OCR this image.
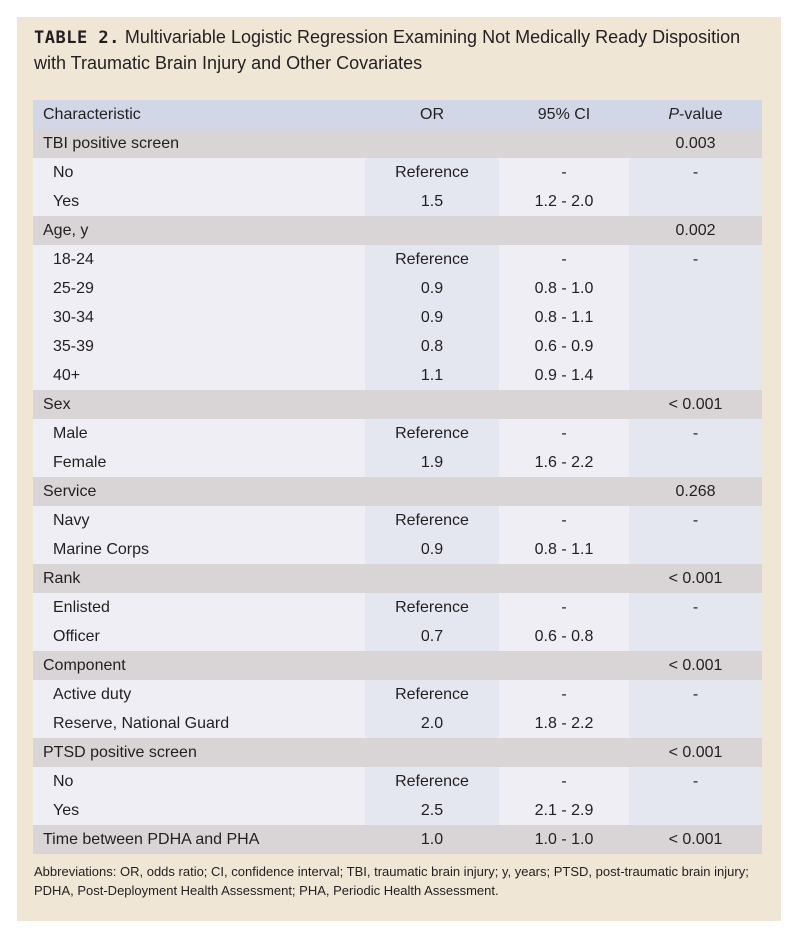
TABLE 2. Multivariable Logistic Regression Examining Not Medically Ready Disposition with Traumatic Brain Injury and Other Covariates
Characteristic	OR	95% CI	P-value
TBI positive screen			0.003
No	Reference	-	-
Yes	1.5	1.2 - 2.0	
Age, y			0.002
18-24	Reference	-	-
25-29	0.9	0.8 - 1.0	
30-34	0.9	0.8 - 1.1	
35-39	0.8	0.6 - 0.9	
40+	1.1	0.9 - 1.4	
Sex			< 0.001
Male	Reference	-	-
Female	1.9	1.6 - 2.2	
Service			0.268
Navy	Reference	-	-
Marine Corps	0.9	0.8 - 1.1	
Rank			< 0.001
Enlisted	Reference	-	-
Officer	0.7	0.6 - 0.8	
Component			< 0.001
Active duty	Reference	-	-
Reserve, National Guard	2.0	1.8 - 2.2	
PTSD positive screen			< 0.001
No	Reference	-	-
Yes	2.5	2.1 - 2.9	
Time between PDHA and PHA	1.0	1.0 - 1.0	< 0.001
Abbreviations: OR, odds ratio; CI, confidence interval; TBI, traumatic brain injury; y, years; PTSD, post-traumatic brain injury; PDHA, Post-Deployment Health Assessment; PHA, Periodic Health Assessment.
